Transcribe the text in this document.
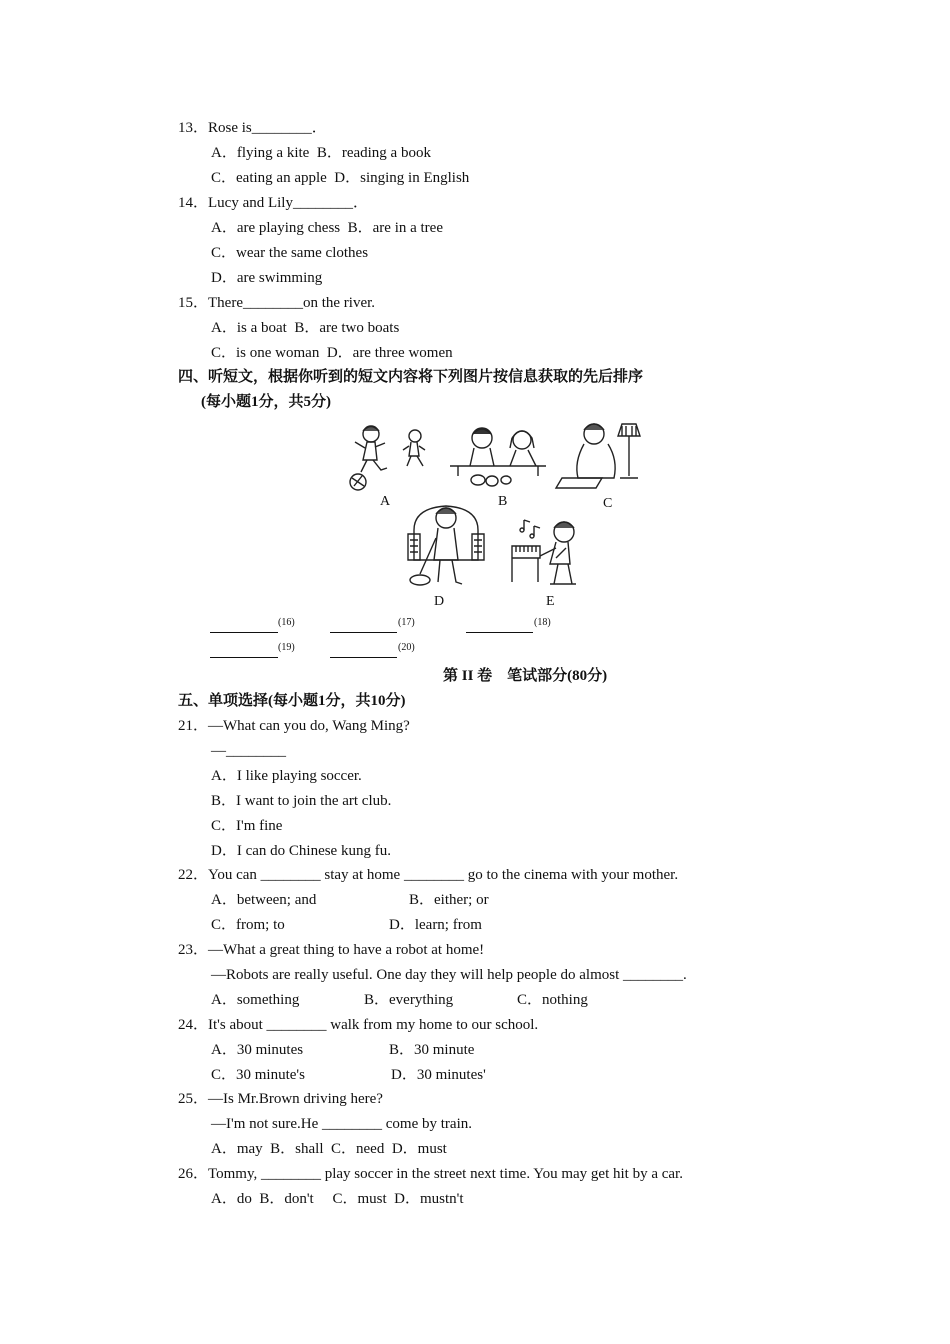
13．Rose is________．
A．flying a kite  B．reading a book
C．eating an apple  D．singing in English
14．Lucy and Lily________．
A．are playing chess  B．are in a tree
C．wear the same clothes
D．are swimming
15．There________on the river.
A．is a boat  B．are two boats
C．is one woman  D．are three women
四、听短文，根据你听到的短文内容将下列图片按信息获取的先后排序
(每小题1分，共5分)
A	B	C
D	E
(16)	(17)	(18)
(19)	(20)
第 II 卷　笔试部分(80分)
五、单项选择(每小题1分，共10分)
21．—What can you do, Wang Ming?
—________
A．I like playing soccer.
B．I want to join the art club.
C．I'm fine
D．I can do Chinese kung fu.
22．You can ________ stay at home ________ go to the cinema with your mother.
A．between; and	B．either; or
C．from; to	D．learn; from
23．—What a great thing to have a robot at home!
—Robots are really useful. One day they will help people do almost ________.
A．something	B．everything	C．nothing
24．It's about ________ walk from my home to our school.
A．30 minutes	B．30 minute
C．30 minute's	D．30 minutes'
25．—Is Mr.Brown driving here?
—I'm not sure.He ________ come by train.
A．may  B．shall  C．need  D．must
26．Tommy, ________ play soccer in the street next time. You may get hit by a car.
A．do  B．don't     C．must  D．mustn't
